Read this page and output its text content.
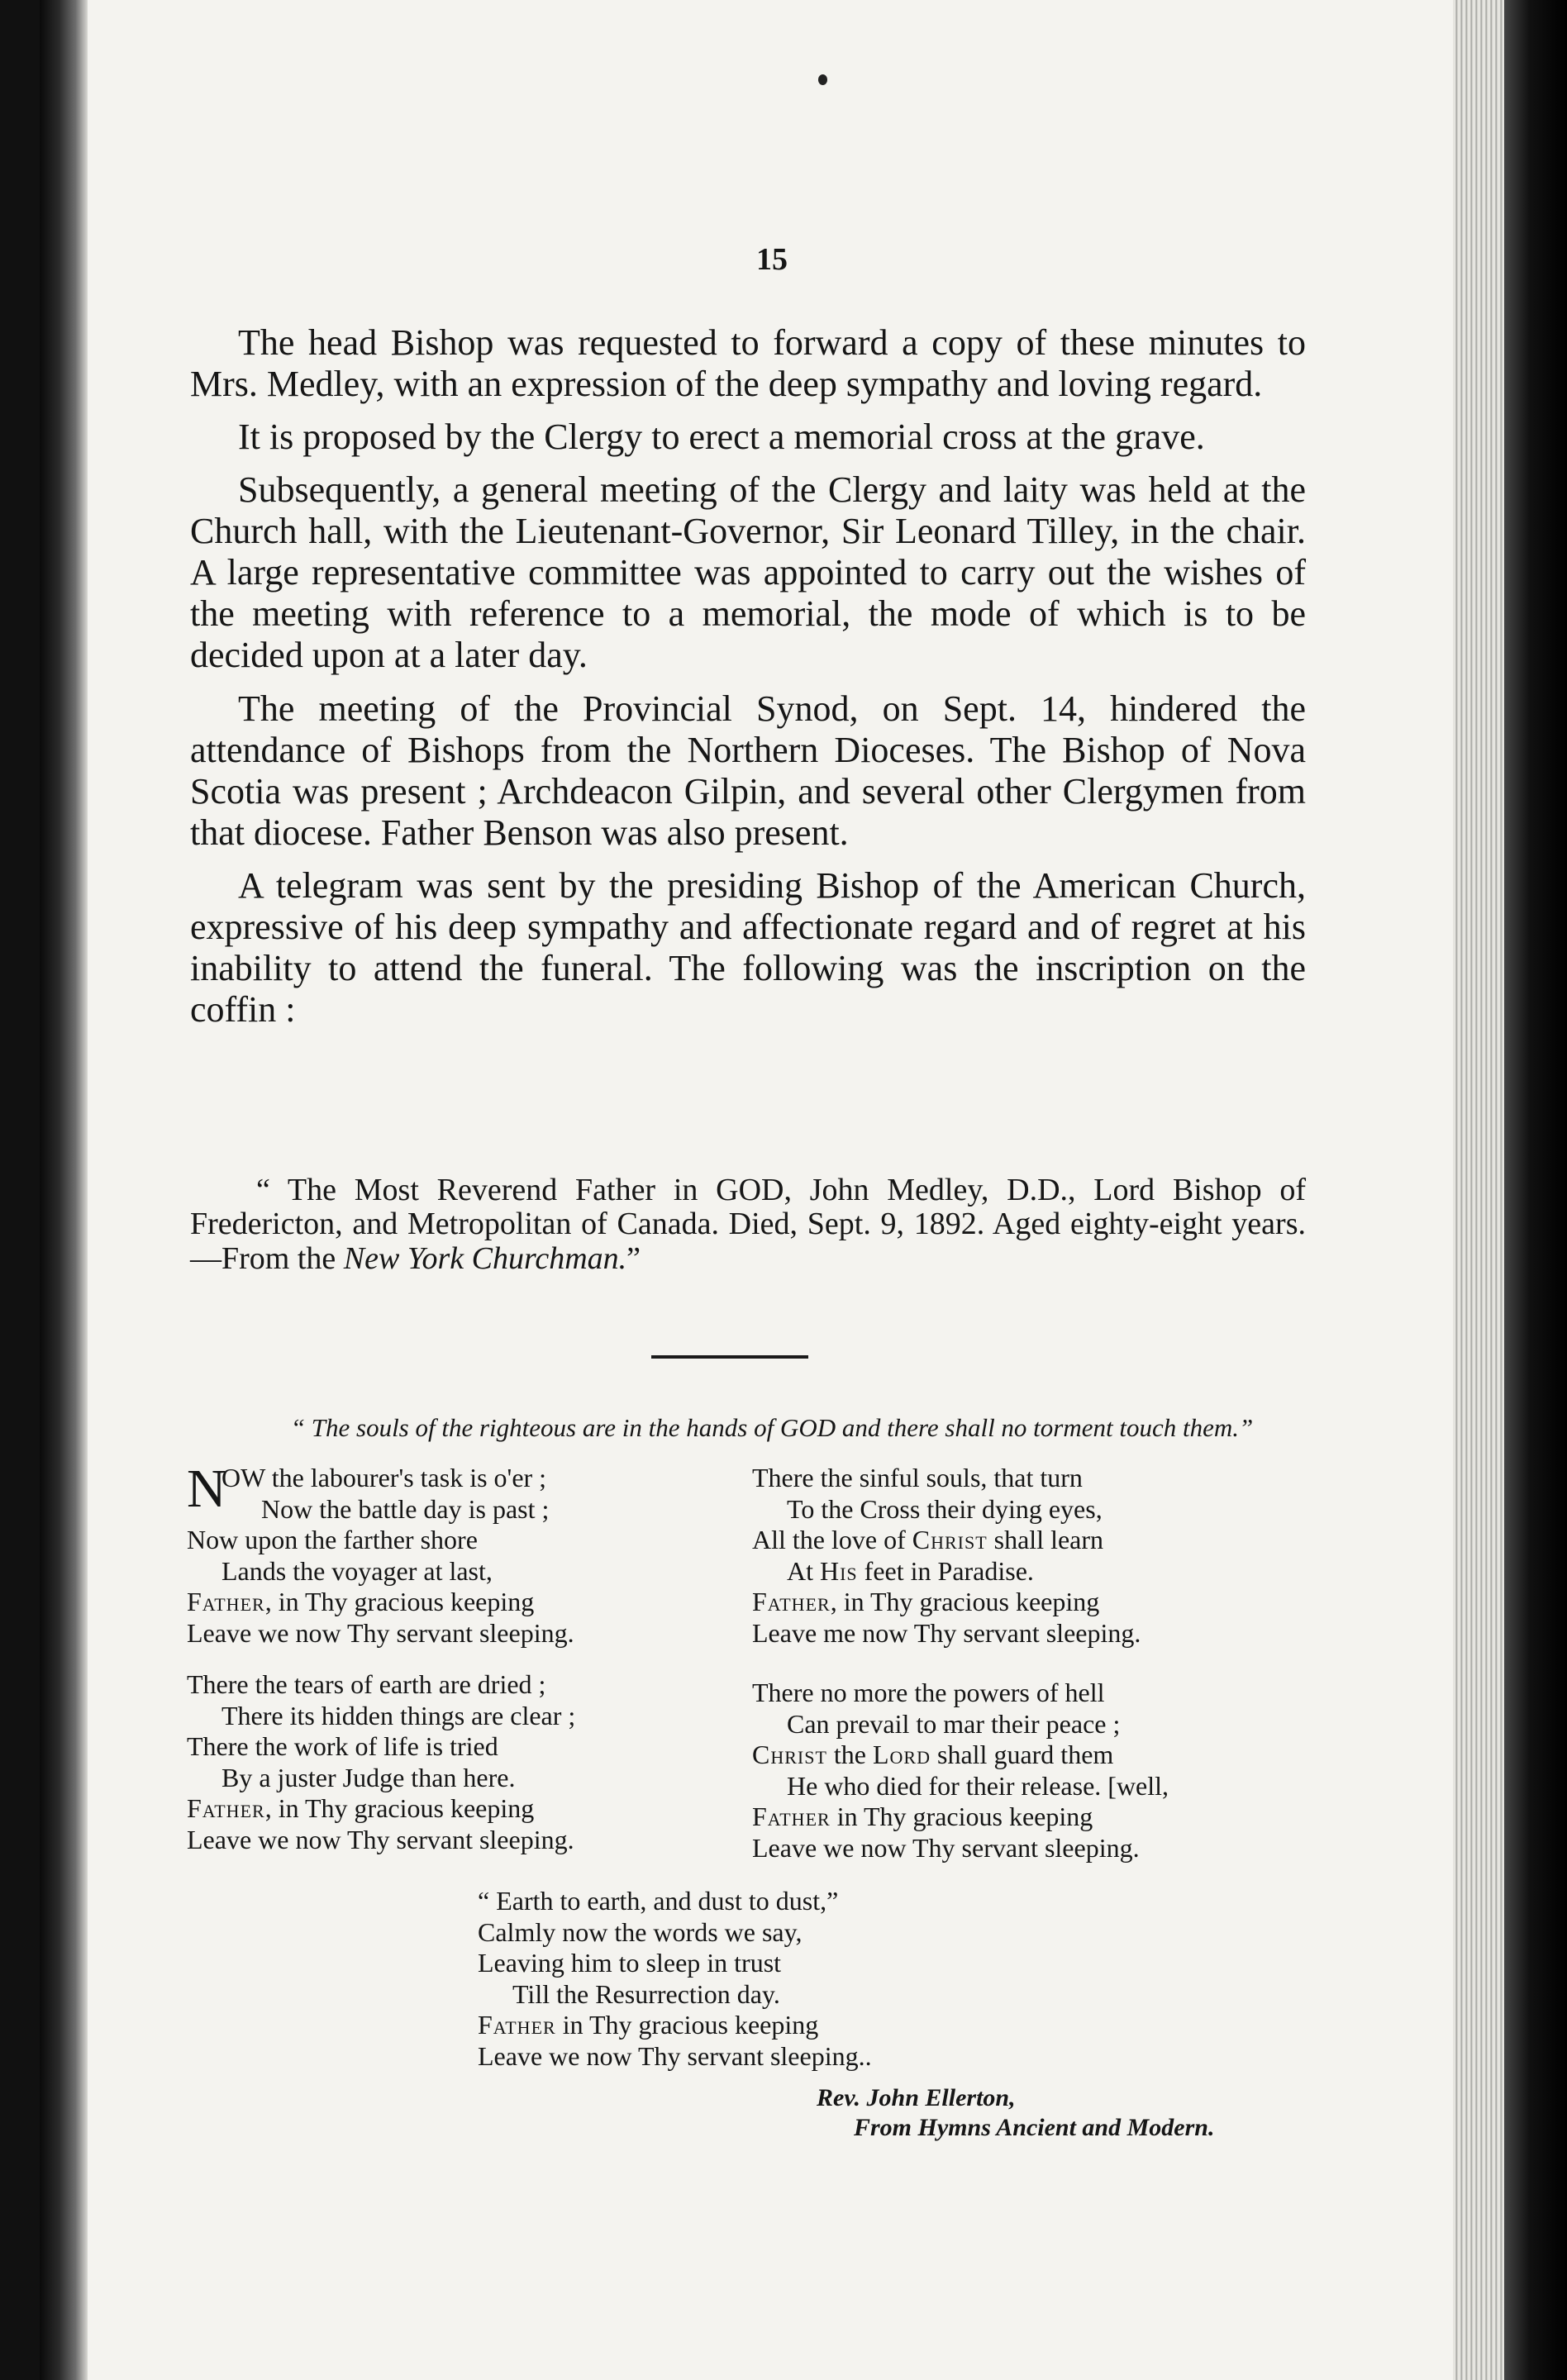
15

The head Bishop was requested to forward a copy of these minutes to Mrs. Medley, with an expression of the deep sympathy and loving regard.

It is proposed by the Clergy to erect a memorial cross at the grave.

Subsequently, a general meeting of the Clergy and laity was held at the Church hall, with the Lieutenant-Governor, Sir Leonard Tilley, in the chair. A large representative committee was appointed to carry out the wishes of the meeting with reference to a memorial, the mode of which is to be decided upon at a later day.

The meeting of the Provincial Synod, on Sept. 14, hindered the attendance of Bishops from the Northern Dioceses. The Bishop of Nova Scotia was present ; Archdeacon Gilpin, and several other Clergymen from that diocese. Father Benson was also present.

A telegram was sent by the presiding Bishop of the American Church, expressive of his deep sympathy and affectionate regard and of regret at his inability to attend the funeral. The following was the inscription on the coffin :

“ The Most Reverend Father in GOD, John Medley, D.D., Lord Bishop of Fredericton, and Metropolitan of Canada. Died, Sept. 9, 1892. Aged eighty-eight years.—From the New York Churchman.”
“ The souls of the righteous are in the hands of GOD and there shall no torment touch them.”
N
OW the labourer's task is o'er ;
Now the battle day is past ;
Now upon the farther shore
Lands the voyager at last,
Father, in Thy gracious keeping
Leave we now Thy servant sleeping.
There the sinful souls, that turn
To the Cross their dying eyes,
All the love of Christ shall learn
At His feet in Paradise.
Father, in Thy gracious keeping
Leave me now Thy servant sleeping.
There the tears of earth are dried ;
There its hidden things are clear ;
There the work of life is tried
By a juster Judge than here.
Father, in Thy gracious keeping
Leave we now Thy servant sleeping.
There no more the powers of hell
Can prevail to mar their peace ;
Christ the Lord shall guard them
He who died for their release. [well,
Father in Thy gracious keeping
Leave we now Thy servant sleeping.
“ Earth to earth, and dust to dust,”
Calmly now the words we say,
Leaving him to sleep in trust
Till the Resurrection day.
Father in Thy gracious keeping
Leave we now Thy servant sleeping..
Rev. John Ellerton,
From Hymns Ancient and Modern.
